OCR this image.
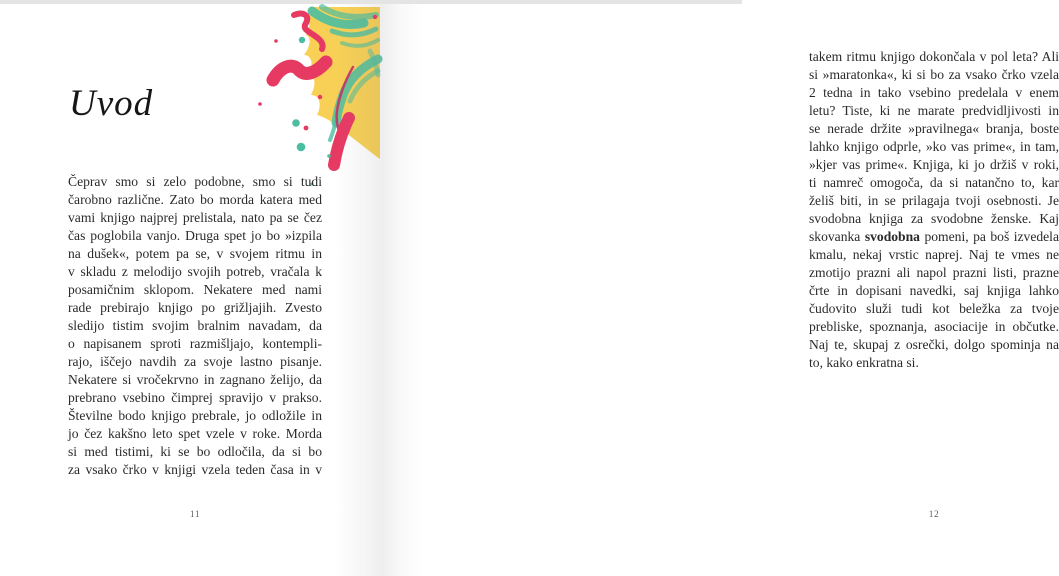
Uvod
Čeprav smo si zelo podobne, smo si tudi
čarobno različne. Zato bo morda katera med
vami knjigo najprej prelistala, nato pa se čez
čas poglobila vanjo. Druga spet jo bo »izpila
na dušek«, potem pa se, v svojem ritmu in
v skladu z melodijo svojih potreb, vračala k
posamičnim sklopom. Nekatere med nami
rade prebirajo knjigo po grižljajih. Zvesto
sledijo tistim svojim bralnim navadam, da
o napisanem sproti razmišljajo, kontempli-
rajo, iščejo navdih za svoje lastno pisanje.
Nekatere si vročekrvno in zagnano želijo, da
prebrano vsebino čimprej spravijo v prakso.
Številne bodo knjigo prebrale, jo odložile in
jo čez kakšno leto spet vzele v roke. Morda
si med tistimi, ki se bo odločila, da si bo
za vsako črko v knjigi vzela teden časa in v
11
takem ritmu knjigo dokončala v pol leta? Ali
si »maratonka«, ki si bo za vsako črko vzela
2 tedna in tako vsebino predelala v enem
letu? Tiste, ki ne marate predvidljivosti in
se nerade držite »pravilnega« branja, boste
lahko knjigo odprle, »ko vas prime«, in tam,
»kjer vas prime«. Knjiga, ki jo držiš v roki,
ti namreč omogoča, da si natančno to, kar
želiš biti, in se prilagaja tvoji osebnosti. Je
svodobna knjiga za svodobne ženske. Kaj
skovanka svodobna pomeni, pa boš izvedela
kmalu, nekaj vrstic naprej. Naj te vmes ne
zmotijo prazni ali napol prazni listi, prazne
črte in dopisani navedki, saj knjiga lahko
čudovito služi tudi kot beležka za tvoje
prebliske, spoznanja, asociacije in občutke.
Naj te, skupaj z osrečki, dolgo spominja na
to, kako enkratna si.
12
